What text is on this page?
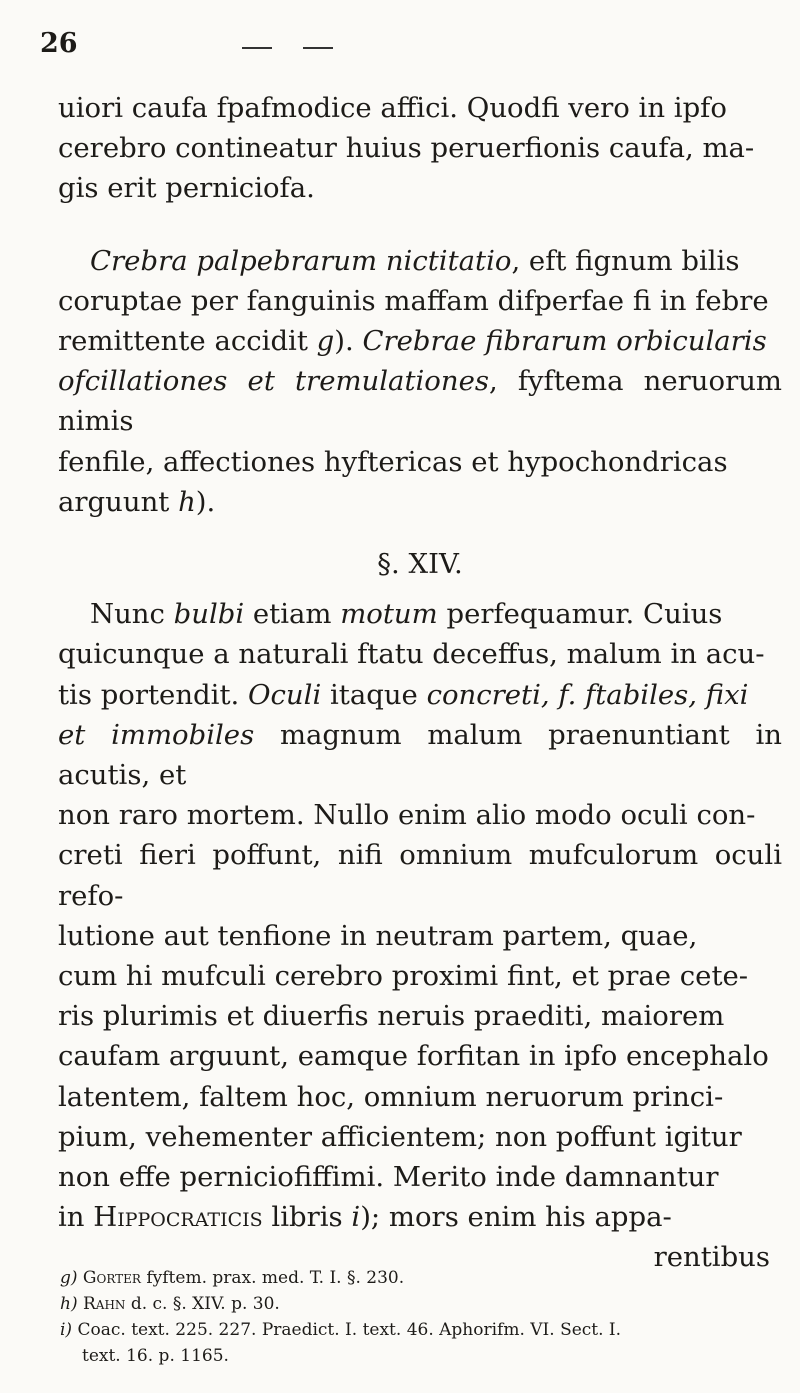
26

uiori caufa fpafmodice affici. Quodfi vero in ipfo
cerebro contineatur huius peruerfionis caufa, ma-
gis erit perniciofa.

Crebra palpebrarum nictitatio, eft fignum bilis
coruptae per fanguinis maffam difperfae fi in febre
remittente accidit g). Crebrae fibrarum orbicularis
ofcillationes et tremulationes, fyftema neruorum nimis
fenfile, affectiones hyftericas et hypochondricas
arguunt h).

§. XIV.

Nunc bulbi etiam motum perfequamur. Cuius
quicunque a naturali ftatu deceffus, malum in acu-
tis portendit. Oculi itaque concreti, f. ftabiles, fixi
et immobiles magnum malum praenuntiant in acutis, et
non raro mortem. Nullo enim alio modo oculi con-
creti fieri poffunt, nifi omnium mufculorum oculi refo-
lutione aut tenfione in neutram partem, quae,
cum hi mufculi cerebro proximi fint, et prae cete-
ris plurimis et diuerfis neruis praediti, maiorem
caufam arguunt, eamque forfitan in ipfo encephalo
latentem, faltem hoc, omnium neruorum princi-
pium, vehementer afficientem; non poffunt igitur
non effe perniciofiffimi. Merito inde damnantur
in Hippocraticis libris i); mors enim his appa-

rentibus

g) Gorter fyftem. prax. med. T. I. §. 230.

h) Rahn d. c. §. XIV. p. 30.

i) Coac. text. 225. 227. Praedict. I. text. 46. Aphorifm. VI. Sect. I.

text. 16. p. 1165.
